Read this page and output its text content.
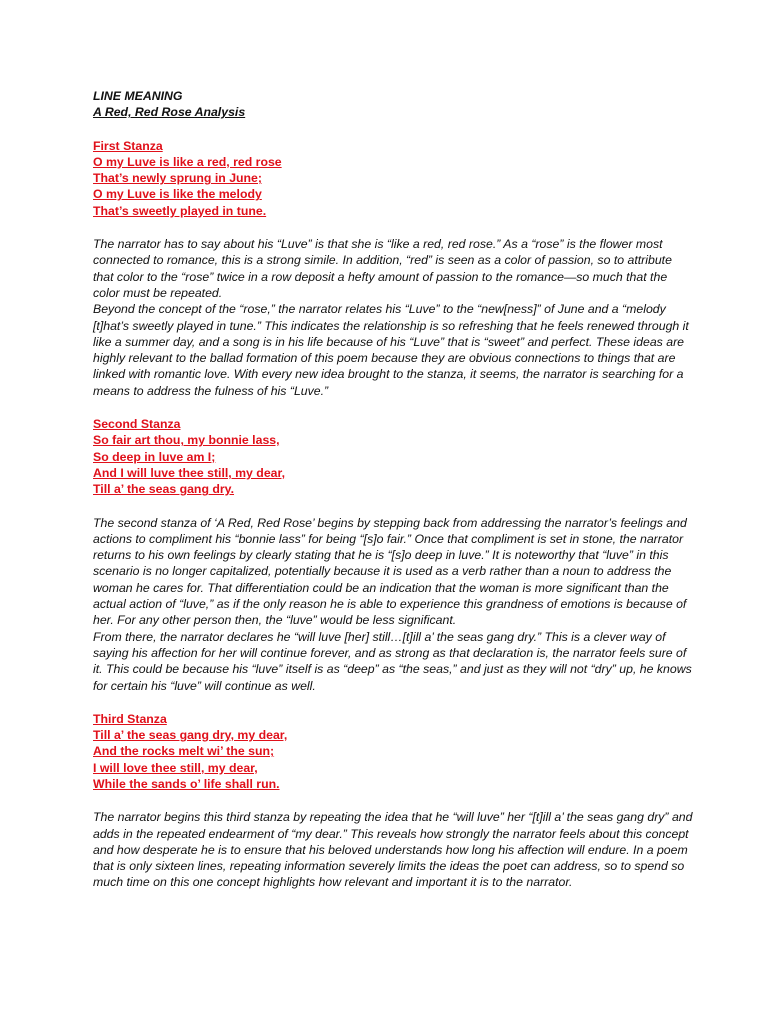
LINE MEANING
A Red, Red Rose Analysis
First Stanza
O my Luve is like a red, red rose
That’s newly sprung in June;
O my Luve is like the melody
That’s sweetly played in tune.

The narrator has to say about his “Luve” is that she is “like a red, red rose.” As a “rose” is the flower most connected to romance, this is a strong simile. In addition, “red” is seen as a color of passion, so to attribute that color to the “rose” twice in a row deposit a hefty amount of passion to the romance—so much that the color must be repeated.

Beyond the concept of the “rose,” the narrator relates his “Luve” to the “new[ness]” of June and a “melody [t]hat’s sweetly played in tune.” This indicates the relationship is so refreshing that he feels renewed through it like a summer day, and a song is in his life because of his “Luve” that is “sweet” and perfect. These ideas are highly relevant to the ballad formation of this poem because they are obvious connections to things that are linked with romantic love. With every new idea brought to the stanza, it seems, the narrator is searching for a means to address the fulness of his “Luve.”

Second Stanza
So fair art thou, my bonnie lass,
So deep in luve am I;
And I will luve thee still, my dear,
Till a’ the seas gang dry.

The second stanza of ‘A Red, Red Rose’ begins by stepping back from addressing the narrator’s feelings and actions to compliment his “bonnie lass” for being “[s]o fair.” Once that compliment is set in stone, the narrator returns to his own feelings by clearly stating that he is “[s]o deep in luve.” It is noteworthy that “luve” in this scenario is no longer capitalized, potentially because it is used as a verb rather than a noun to address the woman he cares for. That differentiation could be an indication that the woman is more significant than the actual action of “luve,” as if the only reason he is able to experience this grandness of emotions is because of her. For any other person then, the “luve” would be less significant.

From there, the narrator declares he “will luve [her] still…[t]ill a’ the seas gang dry.” This is a clever way of saying his affection for her will continue forever, and as strong as that declaration is, the narrator feels sure of it. This could be because his “luve” itself is as “deep” as “the seas,” and just as they will not “dry” up, he knows for certain his “luve” will continue as well.

Third Stanza
Till a’ the seas gang dry, my dear,
And the rocks melt wi’ the sun;
I will love thee still, my dear,
While the sands o’ life shall run.

The narrator begins this third stanza by repeating the idea that he “will luve” her “[t]ill a’ the seas gang dry” and adds in the repeated endearment of “my dear.” This reveals how strongly the narrator feels about this concept and how desperate he is to ensure that his beloved understands how long his affection will endure. In a poem that is only sixteen lines, repeating information severely limits the ideas the poet can address, so to spend so much time on this one concept highlights how relevant and important it is to the narrator.
